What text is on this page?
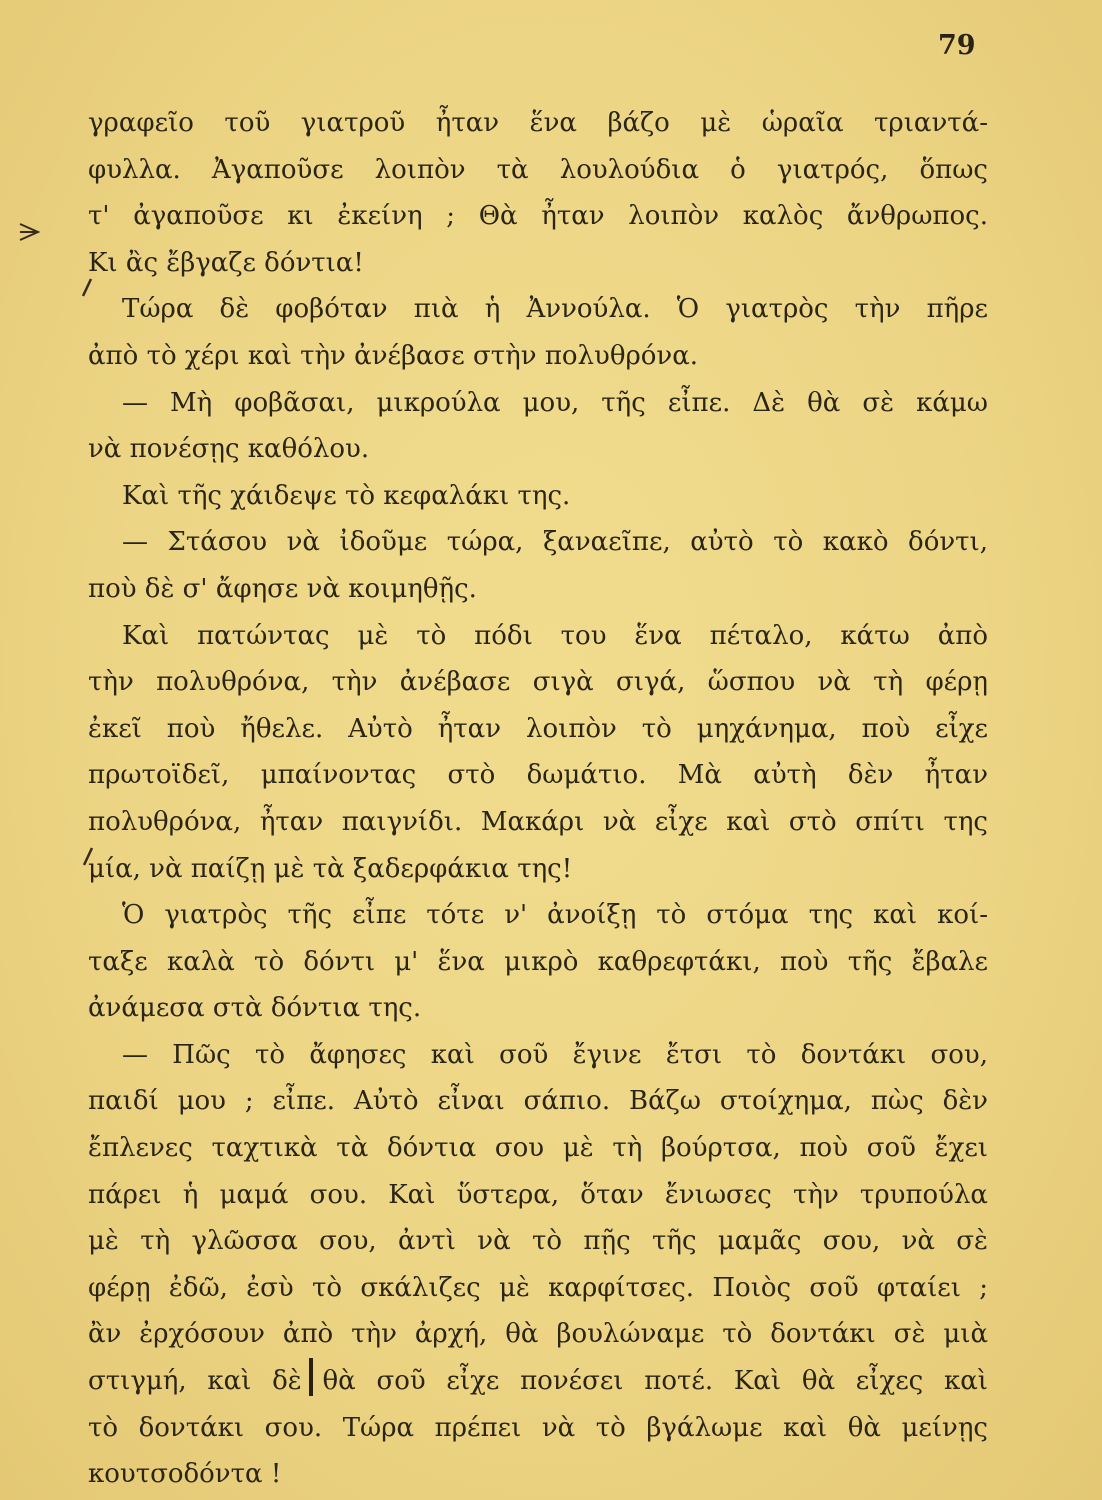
79
γραφεῖο τοῦ γιατροῦ ἦταν ἕνα βάζο μὲ ὡραῖα τριαντά-
φυλλα. Ἀγαποῦσε λοιπὸν τὰ λουλούδια ὁ γιατρός, ὅπως
τ' ἀγαποῦσε κι ἐκείνη ; Θὰ ἦταν λοιπὸν καλὸς ἄνθρωπος.
Κι ἂς ἔβγαζε δόντια!
Τώρα δὲ φοβόταν πιὰ ἡ Ἀννούλα. Ὁ γιατρὸς τὴν πῆρε
ἀπὸ τὸ χέρι καὶ τὴν ἀνέβασε στὴν πολυθρόνα.
— Μὴ φοβᾶσαι, μικρούλα μου, τῆς εἶπε. Δὲ θὰ σὲ κάμω
νὰ πονέσῃς καθόλου.
Καὶ τῆς χάιδεψε τὸ κεφαλάκι της.
— Στάσου νὰ ἰδοῦμε τώρα, ξαναεῖπε, αὐτὸ τὸ κακὸ δόντι,
ποὺ δὲ σ' ἄφησε νὰ κοιμηθῇς.
Καὶ πατώντας μὲ τὸ πόδι του ἕνα πέταλο, κάτω ἀπὸ
τὴν πολυθρόνα, τὴν ἀνέβασε σιγὰ σιγά, ὥσπου νὰ τὴ φέρῃ
ἐκεῖ ποὺ ἤθελε. Αὐτὸ ἦταν λοιπὸν τὸ μηχάνημα, ποὺ εἶχε
πρωτοϊδεῖ, μπαίνοντας στὸ δωμάτιο. Μὰ αὐτὴ δὲν ἦταν
πολυθρόνα, ἦταν παιγνίδι. Μακάρι νὰ εἶχε καὶ στὸ σπίτι της
μία, νὰ παίζῃ μὲ τὰ ξαδερφάκια της!
Ὁ γιατρὸς τῆς εἶπε τότε ν' ἀνοίξῃ τὸ στόμα της καὶ κοί-
ταξε καλὰ τὸ δόντι μ' ἕνα μικρὸ καθρεφτάκι, ποὺ τῆς ἔβαλε
ἀνάμεσα στὰ δόντια της.
— Πῶς τὸ ἄφησες καὶ σοῦ ἔγινε ἔτσι τὸ δοντάκι σου,
παιδί μου ; εἶπε. Αὐτὸ εἶναι σάπιο. Βάζω στοίχημα, πὼς δὲν
ἔπλενες ταχτικὰ τὰ δόντια σου μὲ τὴ βούρτσα, ποὺ σοῦ ἔχει
πάρει ἡ μαμά σου. Καὶ ὕστερα, ὅταν ἔνιωσες τὴν τρυπούλα
μὲ τὴ γλῶσσα σου, ἀντὶ νὰ τὸ πῇς τῆς μαμᾶς σου, νὰ σὲ
φέρῃ ἐδῶ, ἐσὺ τὸ σκάλιζες μὲ καρφίτσες. Ποιὸς σοῦ φταίει ;
ἂν ἐρχόσουν ἀπὸ τὴν ἀρχή, θὰ βουλώναμε τὸ δοντάκι σὲ μιὰ
στιγμή, καὶ δὲ θὰ σοῦ εἶχε πονέσει ποτέ. Καὶ θὰ εἶχες καὶ
τὸ δοντάκι σου. Τώρα πρέπει νὰ τὸ βγάλωμε καὶ θὰ μείνῃς
κουτσοδόντα !
